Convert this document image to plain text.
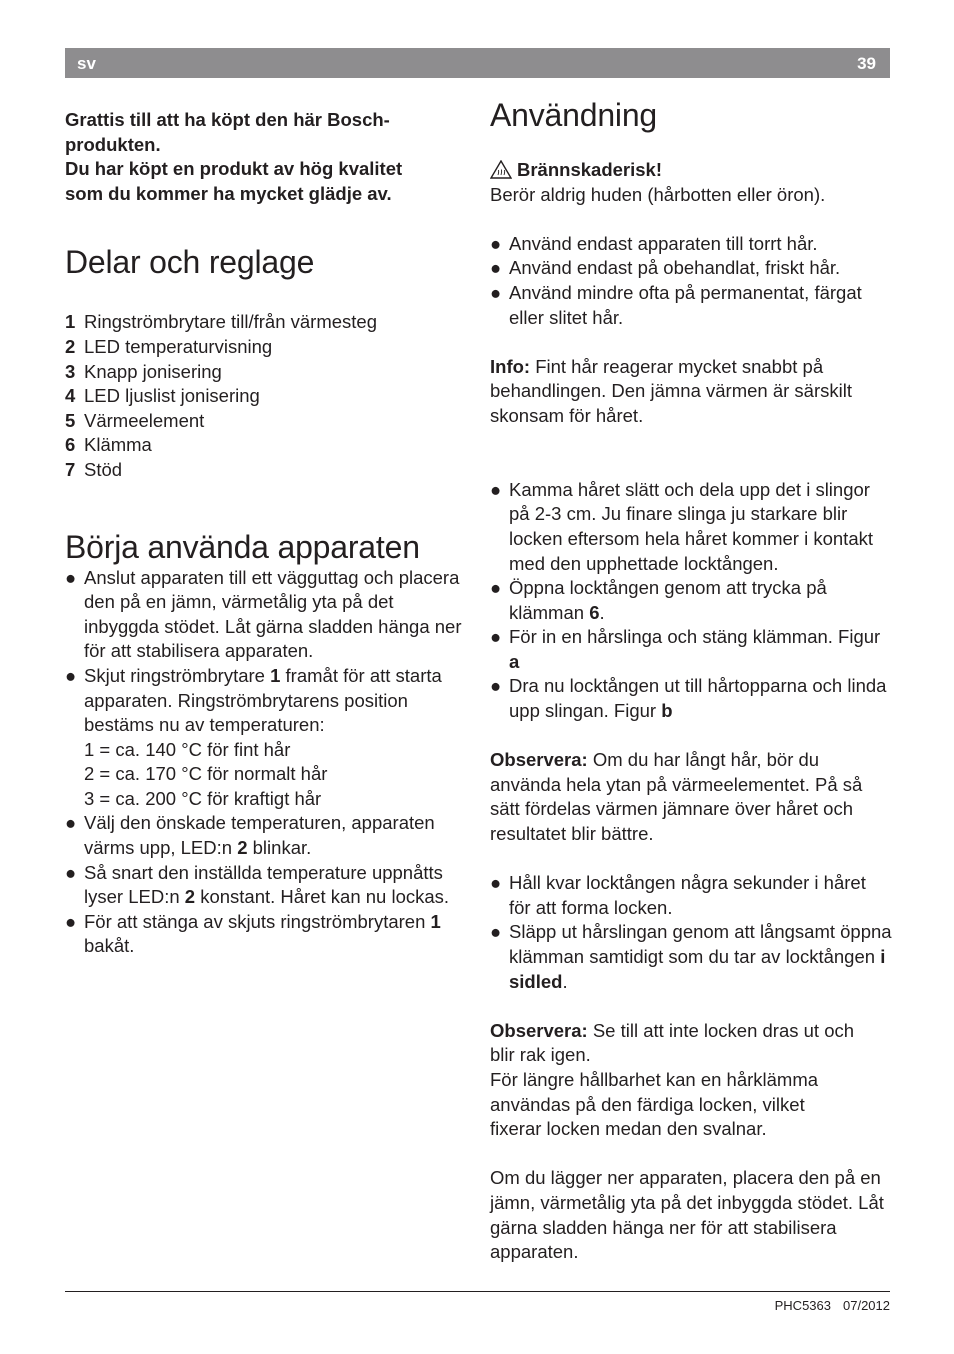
sv	39

Grattis till att ha köpt den här Bosch-produkten.

Du har köpt en produkt av hög kvalitet som du kommer ha mycket glädje av.

Delar och reglage
1 Ringströmbrytare till/från värmesteg
2 LED temperaturvisning
3 Knapp jonisering
4 LED ljuslist jonisering
5 Värmeelement
6 Klämma
7 Stöd
Börja använda apparaten
● Anslut apparaten till ett vägguttag och placera den på en jämn, värmetålig yta på det inbyggda stödet. Låt gärna sladden hänga ner för att stabilisera apparaten.
● Skjut ringströmbrytare 1 framåt för att starta apparaten. Ringströmbrytarens position bestäms nu av temperaturen:
1 = ca. 140 °C för fint hår
2 = ca. 170 °C för normalt hår
3 = ca. 200 °C för kraftigt hår
● Välj den önskade temperaturen, apparaten värms upp, LED:n 2 blinkar.
● Så snart den inställda temperature uppnåtts lyser LED:n 2 konstant. Håret kan nu lockas.
● För att stänga av skjuts ringströmbrytaren 1 bakåt.
Användning
Brännskaderisk!
Berör aldrig huden (hårbotten eller öron).
● Använd endast apparaten till torrt hår.
● Använd endast på obehandlat, friskt hår.
● Använd mindre ofta på permanentat, färgat eller slitet hår.
Info: Fint hår reagerar mycket snabbt på behandlingen. Den jämna värmen är särskilt skonsam för håret.
● Kamma håret slätt och dela upp det i slingor på 2-3 cm. Ju finare slinga ju starkare blir locken eftersom hela håret kommer i kontakt med den upphettade locktången.
● Öppna locktången genom att trycka på klämman 6.
● För in en hårslinga och stäng klämman. Figur a
● Dra nu locktången ut till hårtopparna och linda upp slingan. Figur b
Observera: Om du har långt hår, bör du använda hela ytan på värmeelementet. På så sätt fördelas värmen jämnare över håret och resultatet blir bättre.
● Håll kvar locktången några sekunder i håret för att forma locken.
● Släpp ut hårslingan genom att långsamt öppna klämman samtidigt som du tar av locktången i sidled.
Observera: Se till att inte locken dras ut och blir rak igen.
För längre hållbarhet kan en hårklämma användas på den färdiga locken, vilket fixerar locken medan den svalnar.
Om du lägger ner apparaten, placera den på en jämn, värmetålig yta på det inbyggda stödet. Låt gärna sladden hänga ner för att stabilisera apparaten.
PHC5363 07/2012
